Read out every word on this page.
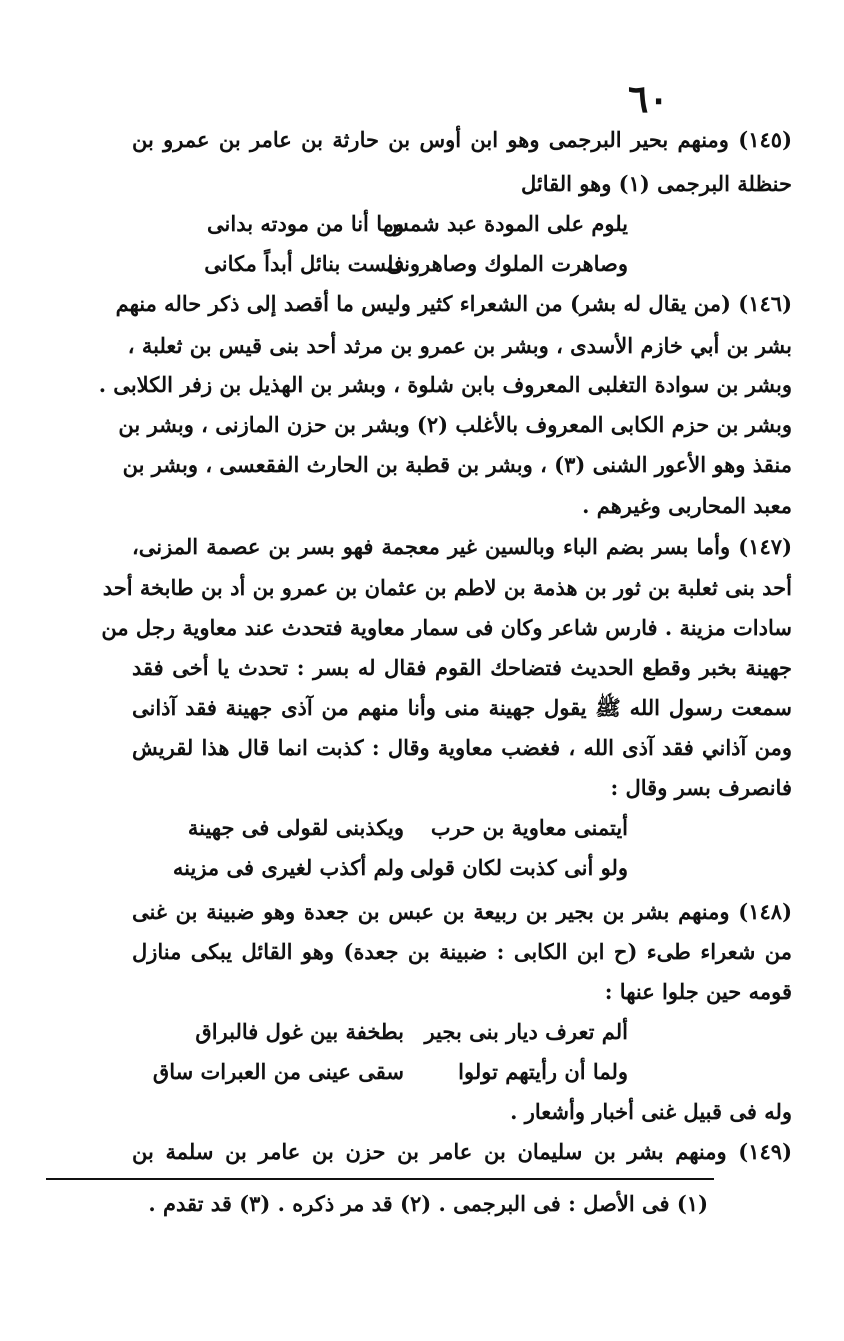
٦٠
(١٤٥) ومنهم بحير البرجمى وهو ابن أوس بن حارثة بن عامر بن عمرو بن
حنظلة البرجمى (١) وهو القائل
يلوم على المودة عبد شمس
وما أنا من مودته بدانى
وصاهرت الملوك وصاهرونى
فلست بنائل أبداً مكانى
(١٤٦) (من يقال له بشر) من الشعراء كثير وليس ما أقصد إلى ذكر حاله منهم
بشر بن أبي خازم الأسدى ، وبشر بن عمرو بن مرثد أحد بنى قيس بن ثعلبة ،
وبشر بن سوادة التغلبى المعروف بابن شلوة ، وبشر بن الهذيل بن زفر الكلابى .
وبشر بن حزم الكابى المعروف بالأغلب (٢) وبشر بن حزن المازنى ، وبشر بن
منقذ وهو الأعور الشنى (٣) ، وبشر بن قطبة بن الحارث الفقعسى ، وبشر بن
معبد المحاربى وغيرهم .
(١٤٧) وأما بسر بضم الباء وبالسين غير معجمة فهو بسر بن عصمة المزنى،
أحد بنى ثعلبة بن ثور بن هذمة بن لاطم بن عثمان بن عمرو بن أد بن طابخة أحد
سادات مزينة . فارس شاعر وكان فى سمار معاوية فتحدث عند معاوية رجل من
جهينة بخبر وقطع الحديث فتضاحك القوم فقال له بسر : تحدث يا أخى فقد
سمعت رسول الله ﷺ يقول جهينة منى وأنا منهم من آذى جهينة فقد آذانى
ومن آذاني فقد آذى الله ، فغضب معاوية وقال : كذبت انما قال هذا لقريش
فانصرف بسر وقال :
أيتمنى معاوية بن حرب
ويكذبنى لقولى فى جهينة
ولو أنى كذبت لكان قولى
ولم أكذب لغيرى فى مزينه
(١٤٨) ومنهم بشر بن بجير بن ربيعة بن عبس بن جعدة وهو ضبينة بن غنى
من شعراء طىء (ح ابن الكابى : ضبينة بن جعدة) وهو القائل يبكى منازل
قومه حين جلوا عنها :
ألم تعرف ديار بنى بجير
بطخفة بين غول فالبراق
ولما أن رأيتهم تولوا
سقى عينى من العبرات ساق
وله فى قبيل غنى أخبار وأشعار .
(١٤٩) ومنهم بشر بن سليمان بن عامر بن حزن بن عامر بن سلمة بن
(١) فى الأصل : فى البرجمى . (٢) قد مر ذكره . (٣) قد تقدم .
